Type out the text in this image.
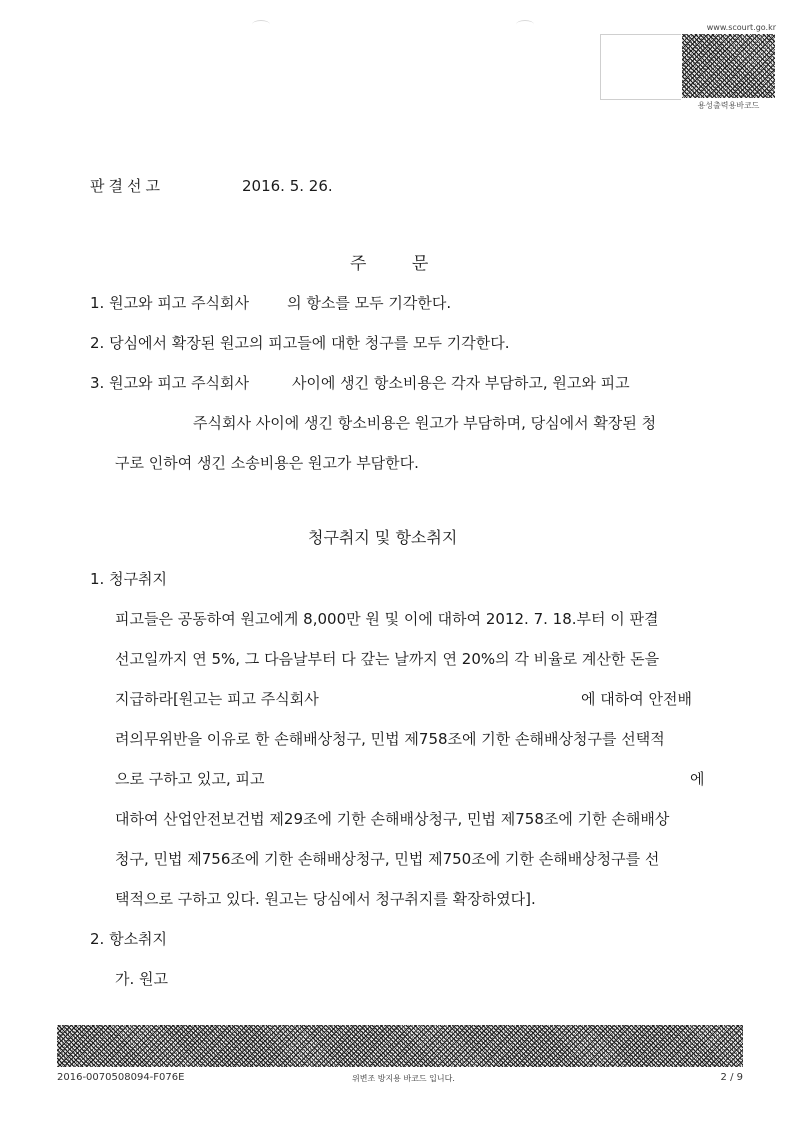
www.scourt.go.kr
용성출력용바코드
판결선고	2016. 5. 26.
주 문
1. 원고와 피고 주식회사        의 항소를 모두 기각한다.
2. 당심에서 확장된 원고의 피고들에 대한 청구를 모두 기각한다.
3. 원고와 피고 주식회사         사이에 생긴 항소비용은 각자 부담하고, 원고와 피고
주식회사 사이에 생긴 항소비용은 원고가 부담하며, 당심에서 확장된 청
구로 인하여 생긴 소송비용은 원고가 부담한다.
청구취지 및 항소취지
1. 청구취지
피고들은 공동하여 원고에게 8,000만 원 및 이에 대하여 2012. 7. 18.부터 이 판결
선고일까지 연 5%, 그 다음날부터 다 갚는 날까지 연 20%의 각 비율로 계산한 돈을
지급하라[원고는 피고 주식회사	에 대하여 안전배
려의무위반을 이유로 한 손해배상청구, 민법 제758조에 기한 손해배상청구를 선택적
으로 구하고 있고, 피고	에
대하여 산업안전보건법 제29조에 기한 손해배상청구, 민법 제758조에 기한 손해배상
청구, 민법 제756조에 기한 손해배상청구, 민법 제750조에 기한 손해배상청구를 선
택적으로 구하고 있다. 원고는 당심에서 청구취지를 확장하였다].
2. 항소취지
가. 원고
2016-0070508094-F076E	위변조 방지용 바코드 입니다.	2 / 9
